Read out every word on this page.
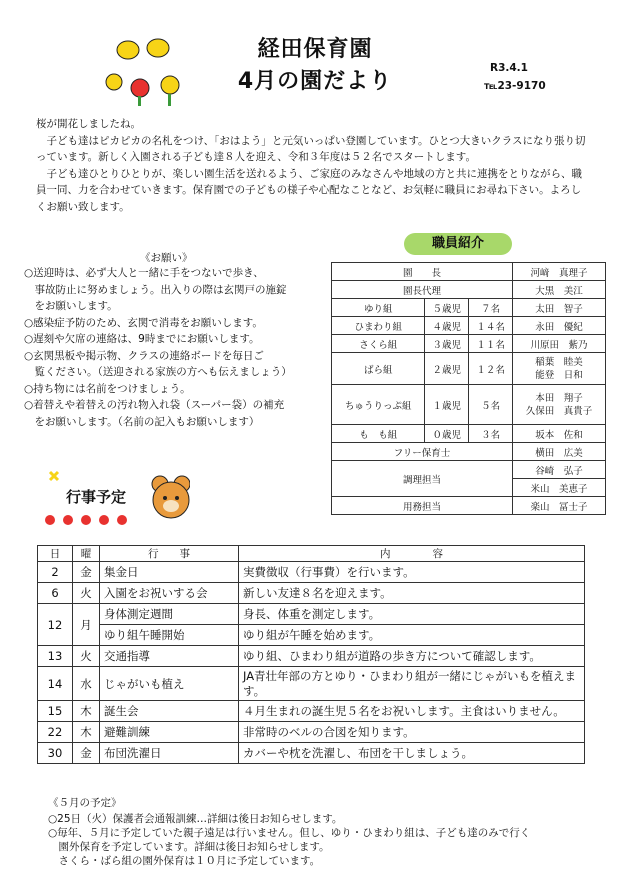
経田保育園
4月の園だより
R3.4.1
℡23-9170

桜が開花しましたね。

子ども達はピカピカの名札をつけ、「おはよう」と元気いっぱい登園しています。ひとつ大きいクラスになり張り切っています。新しく入園される子ども達８人を迎え、令和３年度は５２名でスタートします。

子ども達ひとりひとりが、楽しい園生活を送れるよう、ご家庭のみなさんや地域の方と共に連携をとりながら、職員一同、力を合わせていきます。保育園での子どもの様子や心配なことなど、お気軽に職員にお尋ね下さい。よろしくお願い致します。

《お願い》

○送迎時は、必ず大人と一緒に手をつないで歩き、

　事故防止に努めましょう。出入りの際は玄関戸の施錠

　をお願いします。

○感染症予防のため、玄関で消毒をお願いします。

○遅刻や欠席の連絡は、9時までにお願いします。

○玄関黒板や掲示物、クラスの連絡ボードを毎日ご

　覧ください。（送迎される家族の方へも伝えましょう）

○持ち物には名前をつけましょう。

○着替えや着替えの汚れ物入れ袋（スーパー袋）の補充

　をお願いします。（名前の記入もお願いします）

職員紹介
園　　長			河﨑　真理子
園長代理			大黒　美江
ゆり組	５歳児	７名	太田　智子
ひまわり組	４歳児	１４名	永田　優紀
さくら組	３歳児	１１名	川原田　紫乃
ばら組	２歳児	１２名	稲葉　睦美
能登　日和
ちゅうりっぷ組	１歳児	５名	本田　翔子
久保田　真貴子
も　も組	０歳児	３名	坂本　佐和
フリー保育士			横田　広美
調理担当			谷崎　弘子
			米山　美恵子
用務担当			楽山　冨士子
行事予定
日	曜	行　　事	内　　　　容
2	金	集金日	実費徴収（行事費）を行います。
6	火	入園をお祝いする会	新しい友達８名を迎えます。
12	月	身体測定週間	身長、体重を測定します。
		ゆり組午睡開始	ゆり組が午睡を始めます。
13	火	交通指導	ゆり組、ひまわり組が道路の歩き方について確認します。
14	水	じゃがいも植え	JA青壮年部の方とゆり・ひまわり組が一緒にじゃがいもを植えます。
15	木	誕生会	４月生まれの誕生児５名をお祝いします。主食はいりません。
22	木	避難訓練	非常時のベルの合図を知ります。
30	金	布団洗濯日	カバーや枕を洗濯し、布団を干しましょう。

《５月の予定》

○25日（火）保護者会通報訓練…詳細は後日お知らせします。

○毎年、５月に予定していた親子遠足は行いません。但し、ゆり・ひまわり組は、子ども達のみで行く

　園外保育を予定しています。詳細は後日お知らせします。

　さくら・ばら組の園外保育は１０月に予定しています。
